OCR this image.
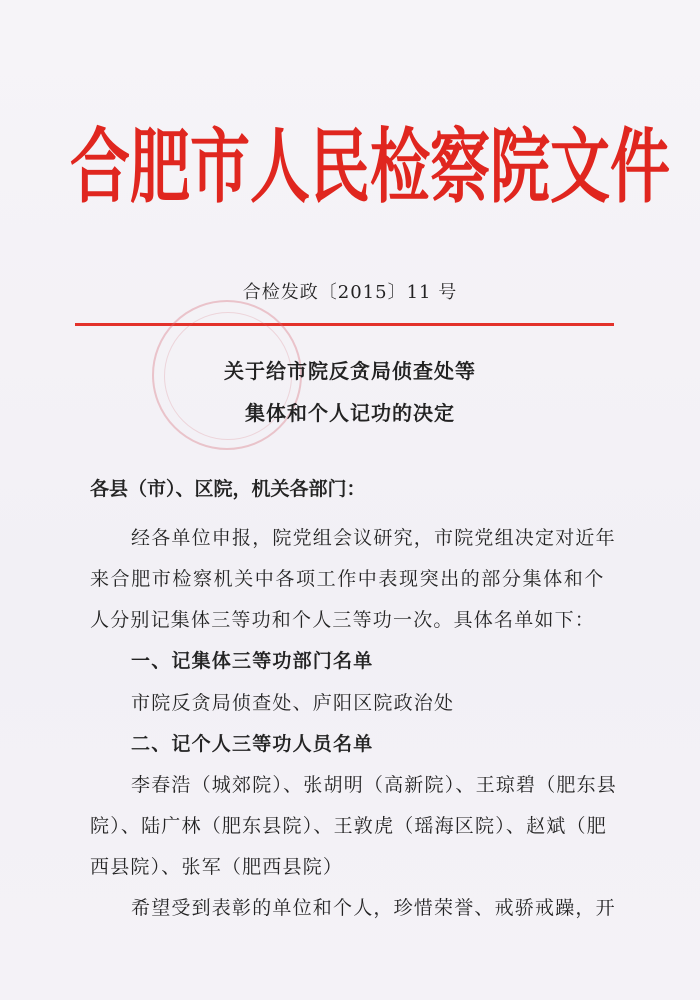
合肥市人民检察院文件
合检发政〔2015〕11 号
关于给市院反贪局侦查处等
集体和个人记功的决定
各县（市）、区院，机关各部门：
经各单位申报，院党组会议研究，市院党组决定对近年
来合肥市检察机关中各项工作中表现突出的部分集体和个
人分别记集体三等功和个人三等功一次。具体名单如下：
一、记集体三等功部门名单
市院反贪局侦查处、庐阳区院政治处
二、记个人三等功人员名单
李春浩（城郊院）、张胡明（高新院）、王琼碧（肥东县
院）、陆广林（肥东县院）、王敦虎（瑶海区院）、赵斌（肥
西县院）、张军（肥西县院）
希望受到表彰的单位和个人，珍惜荣誉、戒骄戒躁，开
